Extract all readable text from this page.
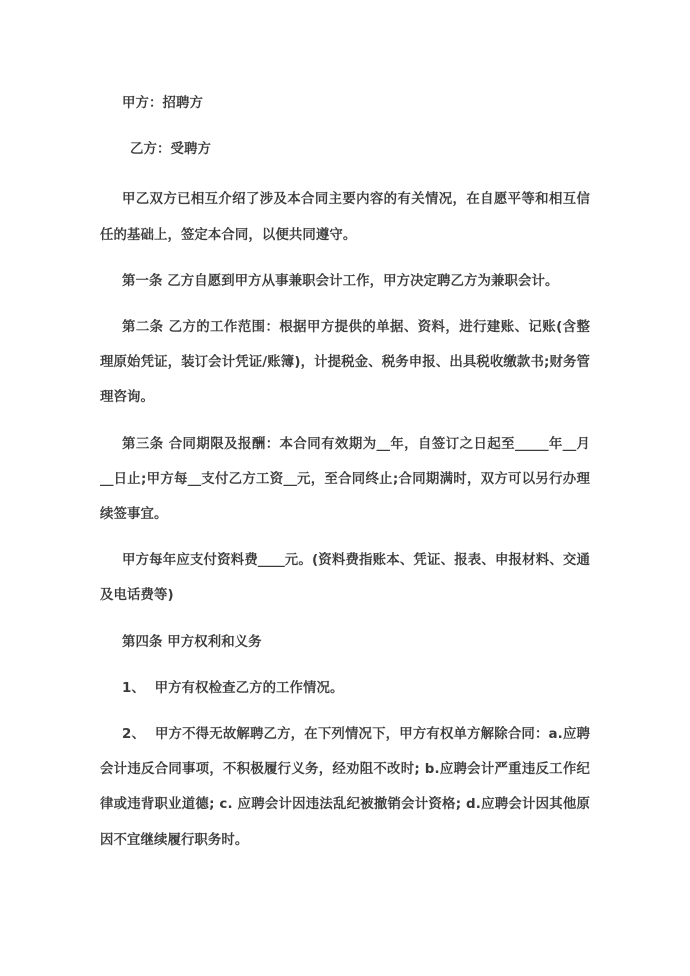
甲方：招聘方

乙方：受聘方

甲乙双方已相互介绍了涉及本合同主要内容的有关情况，在自愿平等和相互信任的基础上，签定本合同，以便共同遵守。

第一条 乙方自愿到甲方从事兼职会计工作，甲方决定聘乙方为兼职会计。

第二条 乙方的工作范围：根据甲方提供的单据、资料，进行建账、记账(含整理原始凭证，装订会计凭证/账簿)，计提税金、税务申报、出具税收缴款书;财务管理咨询。

第三条 合同期限及报酬：本合同有效期为__年，自签订之日起至_____年__月__日止;甲方每__支付乙方工资__元，至合同终止;合同期满时，双方可以另行办理续签事宜。

甲方每年应支付资料费____元。(资料费指账本、凭证、报表、申报材料、交通及电话费等)

第四条 甲方权利和义务

1、 甲方有权检查乙方的工作情况。

2、 甲方不得无故解聘乙方，在下列情况下，甲方有权单方解除合同：a.应聘会计违反合同事项，不积极履行义务，经劝阻不改时; b.应聘会计严重违反工作纪律或违背职业道德; c. 应聘会计因违法乱纪被撤销会计资格; d.应聘会计因其他原因不宜继续履行职务时。
